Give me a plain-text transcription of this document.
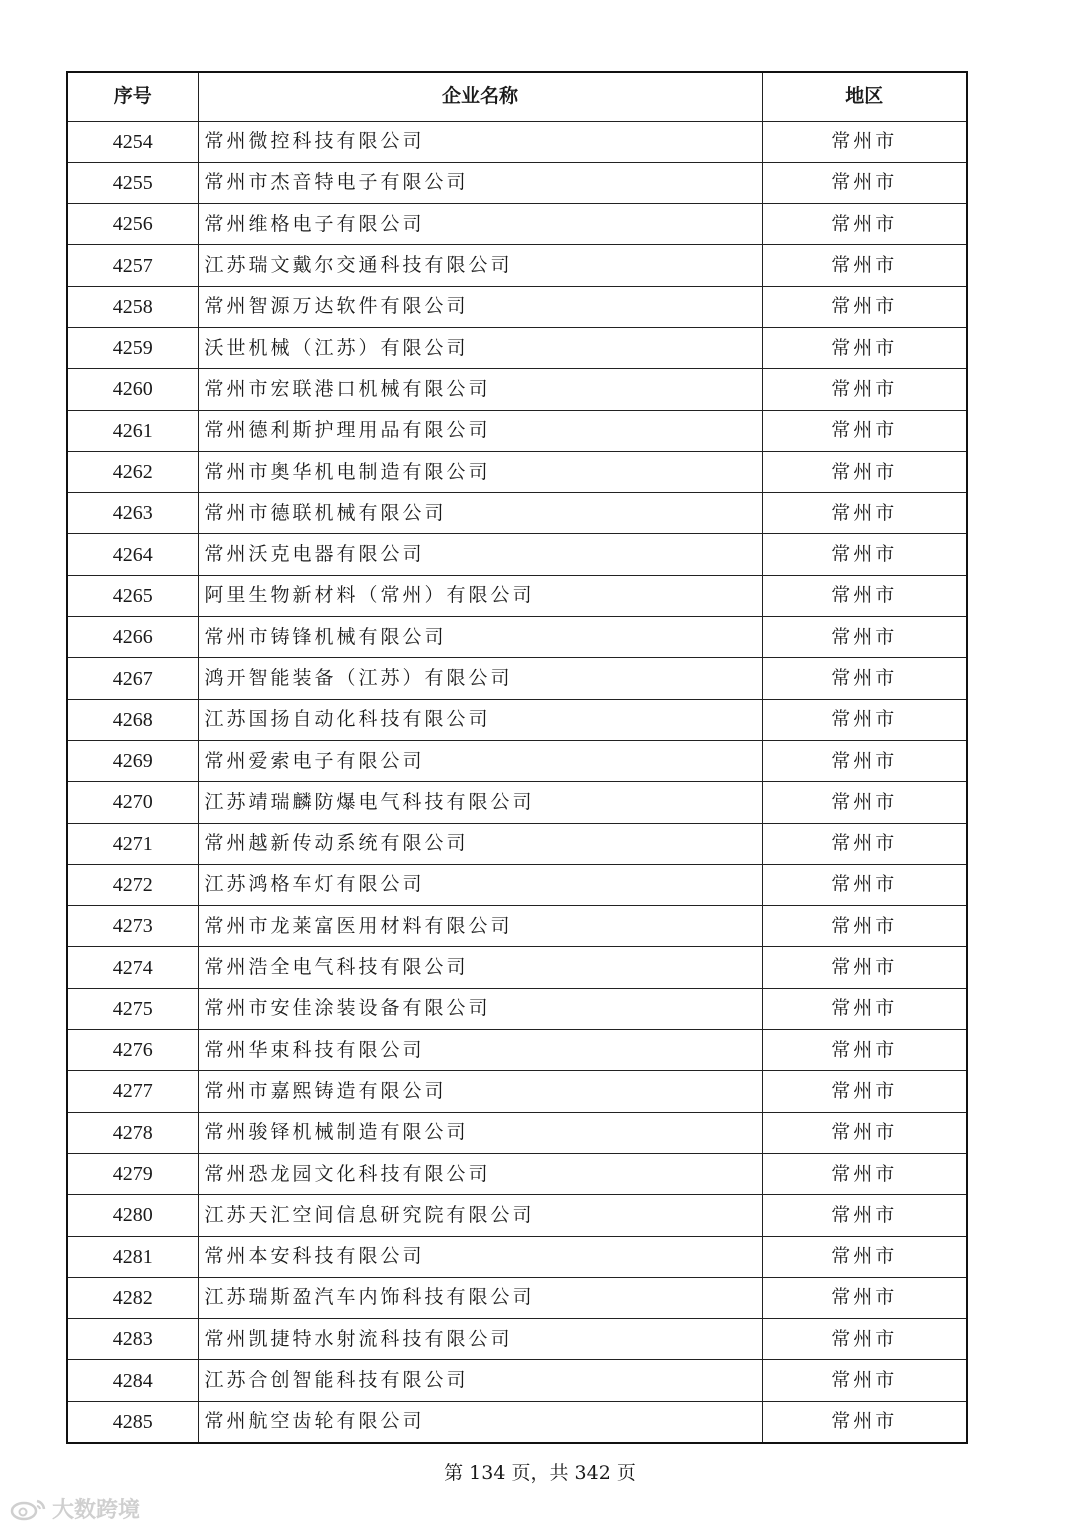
序号	企业名称	地区
4254	常州微控科技有限公司	常州市
4255	常州市杰音特电子有限公司	常州市
4256	常州维格电子有限公司	常州市
4257	江苏瑞文戴尔交通科技有限公司	常州市
4258	常州智源万达软件有限公司	常州市
4259	沃世机械（江苏）有限公司	常州市
4260	常州市宏联港口机械有限公司	常州市
4261	常州德利斯护理用品有限公司	常州市
4262	常州市奥华机电制造有限公司	常州市
4263	常州市德联机械有限公司	常州市
4264	常州沃克电器有限公司	常州市
4265	阿里生物新材料（常州）有限公司	常州市
4266	常州市铸锋机械有限公司	常州市
4267	鸿开智能装备（江苏）有限公司	常州市
4268	江苏国扬自动化科技有限公司	常州市
4269	常州爱索电子有限公司	常州市
4270	江苏靖瑞麟防爆电气科技有限公司	常州市
4271	常州越新传动系统有限公司	常州市
4272	江苏鸿格车灯有限公司	常州市
4273	常州市龙莱富医用材料有限公司	常州市
4274	常州浩全电气科技有限公司	常州市
4275	常州市安佳涂装设备有限公司	常州市
4276	常州华束科技有限公司	常州市
4277	常州市嘉熙铸造有限公司	常州市
4278	常州骏铎机械制造有限公司	常州市
4279	常州恐龙园文化科技有限公司	常州市
4280	江苏天汇空间信息研究院有限公司	常州市
4281	常州本安科技有限公司	常州市
4282	江苏瑞斯盈汽车内饰科技有限公司	常州市
4283	常州凯捷特水射流科技有限公司	常州市
4284	江苏合创智能科技有限公司	常州市
4285	常州航空齿轮有限公司	常州市
第 134 页，共 342 页
大数跨境
